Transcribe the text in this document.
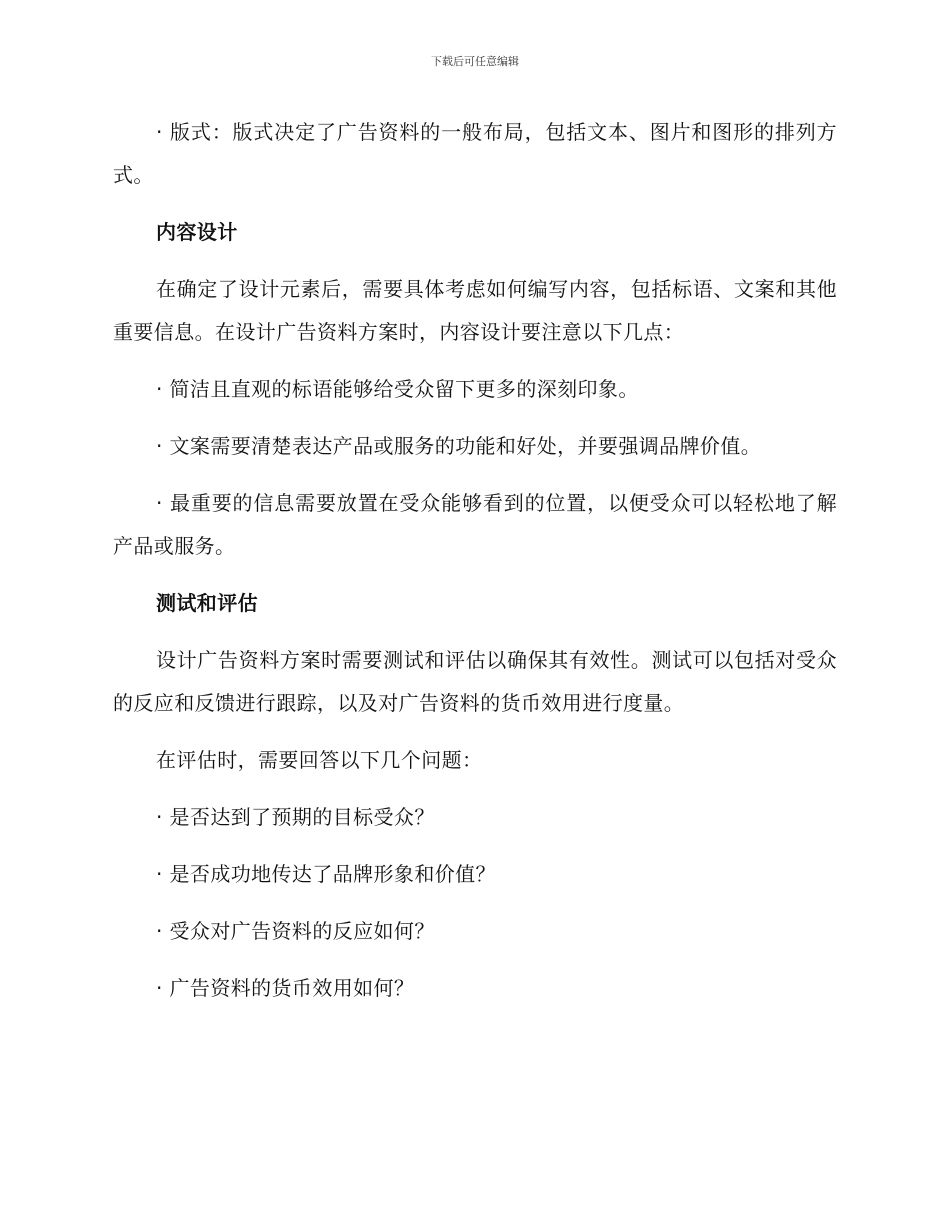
下载后可任意编辑

· 版式：版式决定了广告资料的一般布局，包括文本、图片和图形的排列方式。

内容设计

在确定了设计元素后，需要具体考虑如何编写内容，包括标语、文案和其他重要信息。在设计广告资料方案时，内容设计要注意以下几点：

· 简洁且直观的标语能够给受众留下更多的深刻印象。

· 文案需要清楚表达产品或服务的功能和好处，并要强调品牌价值。

· 最重要的信息需要放置在受众能够看到的位置，以便受众可以轻松地了解产品或服务。

测试和评估

设计广告资料方案时需要测试和评估以确保其有效性。测试可以包括对受众的反应和反馈进行跟踪，以及对广告资料的货币效用进行度量。

在评估时，需要回答以下几个问题：

· 是否达到了预期的目标受众？

· 是否成功地传达了品牌形象和价值？

· 受众对广告资料的反应如何？

· 广告资料的货币效用如何？
